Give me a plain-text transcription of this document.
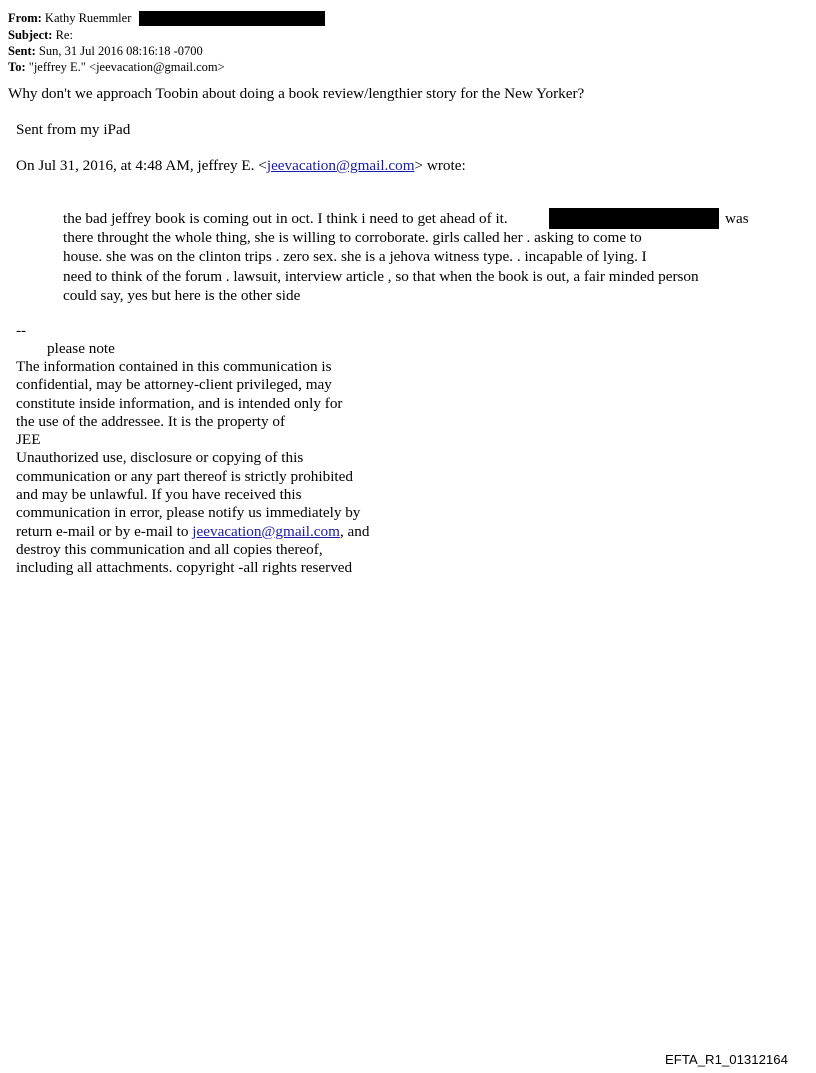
From: Kathy Ruemmler
Subject: Re:
Sent: Sun, 31 Jul 2016 08:16:18 -0700
To: "jeffrey E." <jeevacation@gmail.com>
Why don't we approach Toobin about doing a book review/lengthier story for the New Yorker?
Sent from my iPad
On Jul 31, 2016, at 4:48 AM, jeffrey E. <jeevacation@gmail.com> wrote:
the bad jeffrey book is coming out in oct. I think i need to get ahead of it.	was
there throught the whole thing, she is willing to corroborate. girls called her . asking to come to
house. she was on the clinton trips . zero sex. she is a jehova witness type. . incapable of lying. I
need to think of the forum . lawsuit, interview article , so that when the book is out, a fair minded person
could say, yes but here is the other side
--
please note
The information contained in this communication is
confidential, may be attorney-client privileged, may
constitute inside information, and is intended only for
the use of the addressee. It is the property of
JEE
Unauthorized use, disclosure or copying of this
communication or any part thereof is strictly prohibited
and may be unlawful. If you have received this
communication in error, please notify us immediately by
return e-mail or by e-mail to jeevacation@gmail.com, and
destroy this communication and all copies thereof,
including all attachments. copyright -all rights reserved
EFTA_R1_01312164
